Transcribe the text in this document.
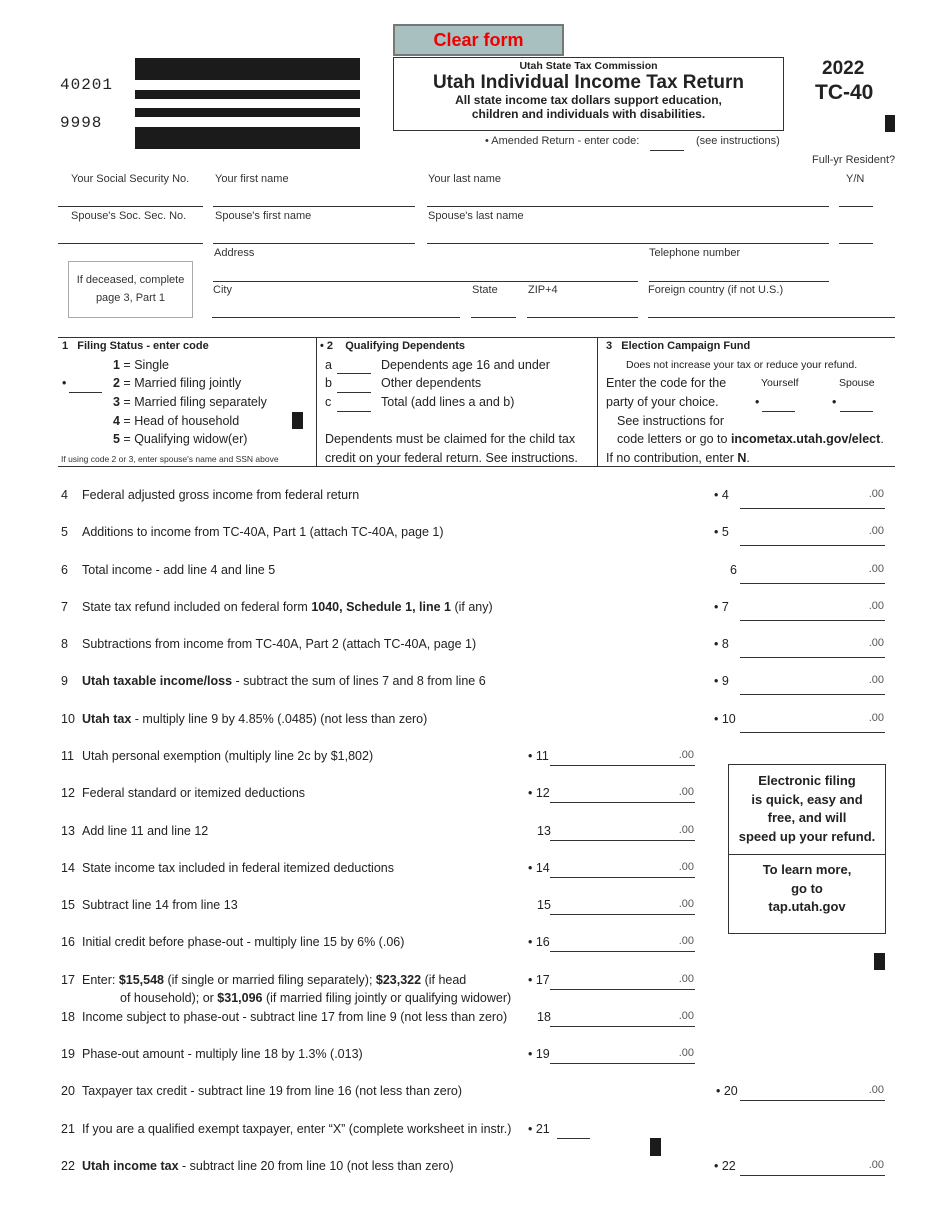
Clear form
40201
9998
Utah State Tax Commission
Utah Individual Income Tax Return
All state income tax dollars support education,
children and individuals with disabilities.
2022
TC-40
• Amended Return - enter code:	(see instructions)
Full-yr Resident?
Y/N
Your Social Security No. Your first name	Your last name
Spouse's Soc. Sec. No.	Spouse's first name	Spouse's last name
Address	Telephone number
If deceased, complete
page 3, Part 1
City	State	ZIP+4	Foreign country (if not U.S.)
1   Filing Status - enter code
1 = Single
•	2 = Married filing jointly
3 = Married filing separately
4 = Head of household
5 = Qualifying widow(er)
If using code 2 or 3, enter spouse's name and SSN above
• 2    Qualifying Dependents
a	Dependents age 16 and under
b	Other dependents
c	Total (add lines a and b)
Dependents must be claimed for the child tax
credit on your federal return. See instructions.
3   Election Campaign Fund
Does not increase your tax or reduce your refund.
Enter the code for the	Yourself	Spouse
party of your choice.	•	•
See instructions for
code letters or go to incometax.utah.gov/elect.
If no contribution, enter N.
4 Federal adjusted gross income from federal return	• 4	.00
5 Additions to income from TC-40A, Part 1 (attach TC-40A, page 1)	• 5	.00
6 Total income - add line 4 and line 5	6	.00
7 State tax refund included on federal form 1040, Schedule 1, line 1 (if any)	• 7	.00
8 Subtractions from income from TC-40A, Part 2 (attach TC-40A, page 1)	• 8	.00
9 Utah taxable income/loss - subtract the sum of lines 7 and 8 from line 6	• 9	.00
10 Utah tax - multiply line 9 by 4.85% (.0485) (not less than zero)	• 10	.00
11 Utah personal exemption (multiply line 2c by $1,802)	• 11	.00
12 Federal standard or itemized deductions	• 12	.00
13 Add line 11 and line 12	13	.00
14 State income tax included in federal itemized deductions	• 14	.00
15 Subtract line 14 from line 13	15	.00
16 Initial credit before phase-out - multiply line 15 by 6% (.06)	• 16	.00
17 Enter: $15,548 (if single or married filing separately); $23,322 (if head
of household); or $31,096 (if married filing jointly or qualifying widower)
• 17	.00
18 Income subject to phase-out - subtract line 17 from line 9 (not less than zero) 18	.00
19 Phase-out amount - multiply line 18 by 1.3% (.013)	• 19	.00
20 Taxpayer tax credit - subtract line 19 from line 16 (not less than zero)	• 20	.00
21 If you are a qualified exempt taxpayer, enter “X” (complete worksheet in instr.) • 21
22 Utah income tax - subtract line 20 from line 10 (not less than zero)	• 22	.00
Electronic filing
is quick, easy and
free, and will
speed up your refund.
To learn more,
go to
tap.utah.gov
